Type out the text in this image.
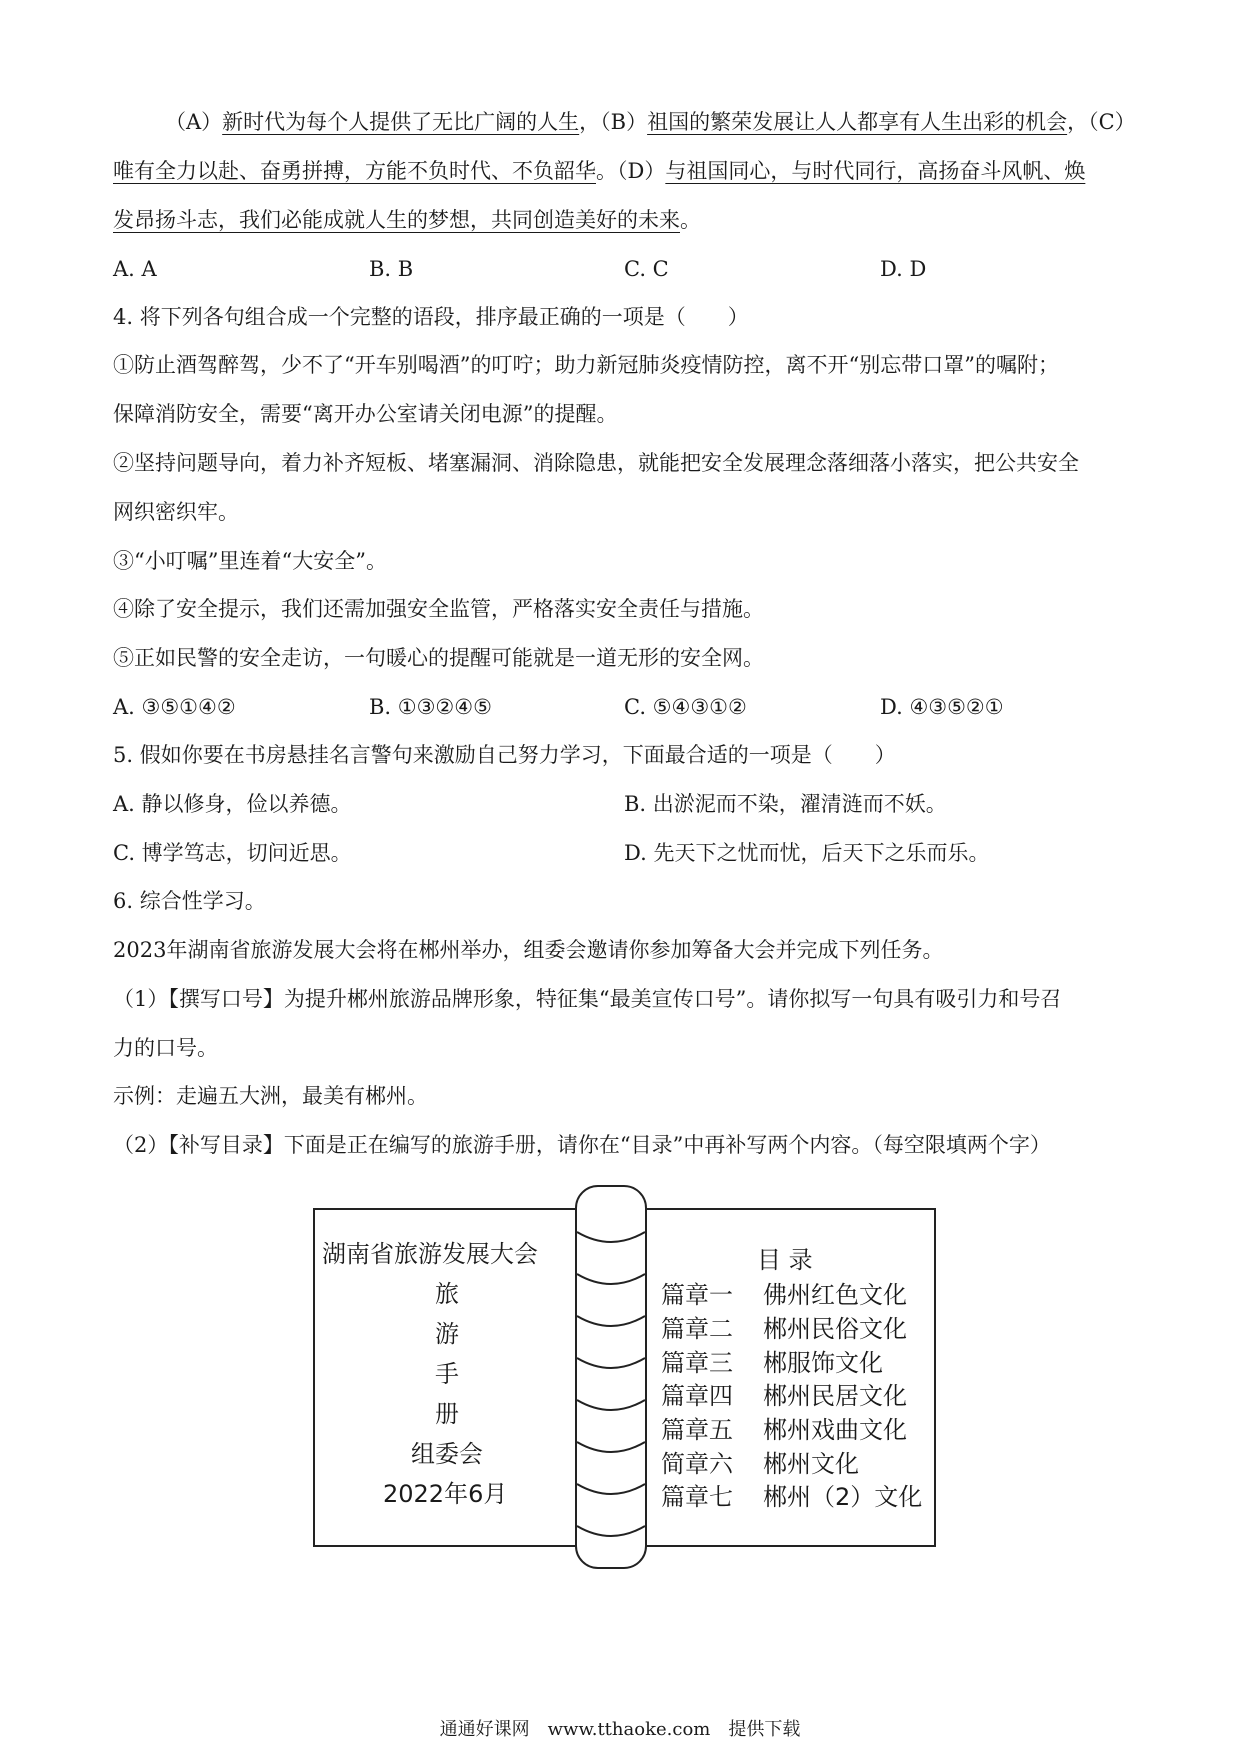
（A）新时代为每个人提供了无比广阔的人生，（B）祖国的繁荣发展让人人都享有人生出彩的机会，（C）
唯有全力以赴、奋勇拼搏，方能不负时代、不负韶华。（D）与祖国同心，与时代同行，高扬奋斗风帆、焕
发昂扬斗志，我们必能成就人生的梦想，共同创造美好的未来。
A. A	B. B	C. C	D. D
4. 将下列各句组合成一个完整的语段，排序最正确的一项是（　　）
①防止酒驾醉驾，少不了“开车别喝酒”的叮咛；助力新冠肺炎疫情防控，离不开“别忘带口罩”的嘱附；
保障消防安全，需要“离开办公室请关闭电源”的提醒。
②坚持问题导向，着力补齐短板、堵塞漏洞、消除隐患，就能把安全发展理念落细落小落实，把公共安全
网织密织牢。
③“小叮嘱”里连着“大安全”。
④除了安全提示，我们还需加强安全监管，严格落实安全责任与措施。
⑤正如民警的安全走访，一句暖心的提醒可能就是一道无形的安全网。
A. ③⑤①④②	B. ①③②④⑤	C. ⑤④③①②	D. ④③⑤②①
5. 假如你要在书房悬挂名言警句来激励自己努力学习，下面最合适的一项是（　　）
A. 静以修身，俭以养德。	B. 出淤泥而不染，濯清涟而不妖。
C. 博学笃志，切问近思。	D. 先天下之忧而忧，后天下之乐而乐。
6. 综合性学习。
2023年湖南省旅游发展大会将在郴州举办，组委会邀请你参加筹备大会并完成下列任务。
（1）【撰写口号】为提升郴州旅游品牌形象，特征集“最美宣传口号”。请你拟写一句具有吸引力和号召
力的口号。
示例：走遍五大洲，最美有郴州。
（2）【补写目录】下面是正在编写的旅游手册，请你在“目录”中再补写两个内容。（每空限填两个字）
湖南省旅游发展大会
旅
游
手
册
组委会
2022年6月
目 录
篇章一 佛州红色文化
篇章二 郴州民俗文化
篇章三 郴服饰文化
篇章四 郴州民居文化
篇章五 郴州戏曲文化
简章六 郴州文化
篇章七 郴州（2）文化
通通好课网　www.tthaoke.com　提供下载
